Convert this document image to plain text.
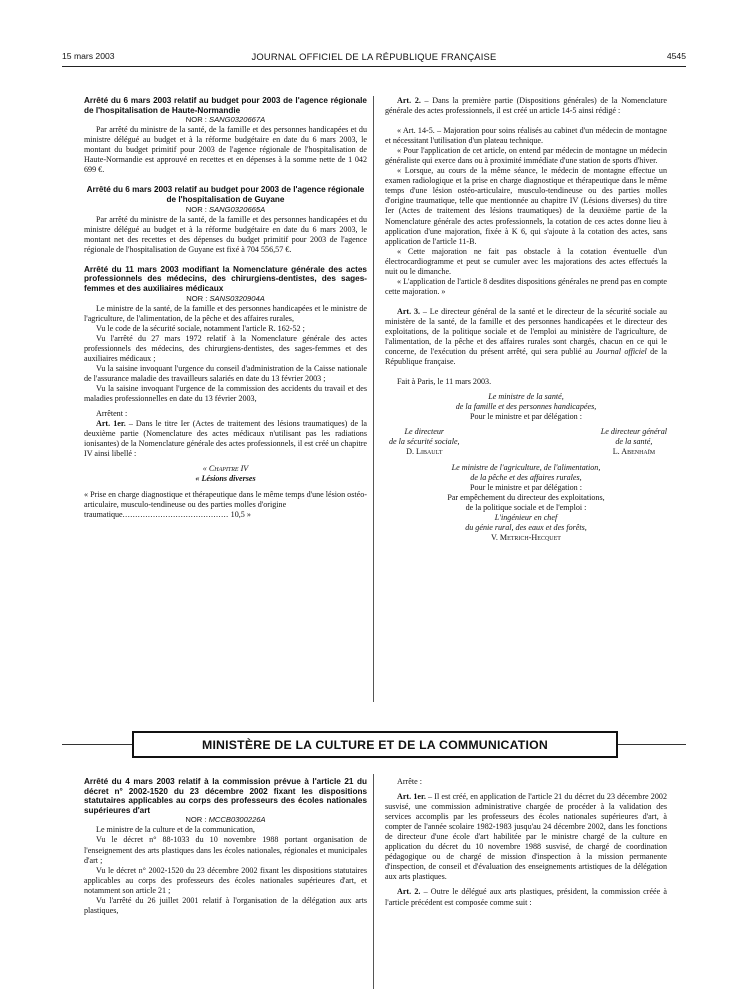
15 mars 2003	JOURNAL OFFICIEL DE LA RÉPUBLIQUE FRANÇAISE	4545

Arrêté du 6 mars 2003 relatif au budget pour 2003 de l'agence régionale de l'hospitalisation de Haute-Normandie

NOR : SANG0320667A

Par arrêté du ministre de la santé, de la famille et des personnes handicapées et du ministre délégué au budget et à la réforme budgétaire en date du 6 mars 2003, le montant du budget primitif pour 2003 de l'agence régionale de l'hospitalisation de Haute-Normandie est approuvé en recettes et en dépenses à la somme nette de 1 042 699 €.

Arrêté du 6 mars 2003 relatif au budget pour 2003 de l'agence régionale de l'hospitalisation de Guyane

NOR : SANG0320665A

Par arrêté du ministre de la santé, de la famille et des personnes handicapées et du ministre délégué au budget et à la réforme budgétaire en date du 6 mars 2003, le montant net des recettes et des dépenses du budget primitif pour 2003 de l'agence régionale de l'hospitalisation de Guyane est fixé à 704 556,57 €.

Arrêté du 11 mars 2003 modifiant la Nomenclature générale des actes professionnels des médecins, des chirurgiens-dentistes, des sages-femmes et des auxiliaires médicaux

NOR : SANS0320904A

Le ministre de la santé, de la famille et des personnes handicapées et le ministre de l'agriculture, de l'alimentation, de la pêche et des affaires rurales,

Vu le code de la sécurité sociale, notamment l'article R. 162-52 ;

Vu l'arrêté du 27 mars 1972 relatif à la Nomenclature générale des actes professionnels des médecins, des chirurgiens-dentistes, des sages-femmes et des auxiliaires médicaux ;

Vu la saisine invoquant l'urgence du conseil d'administration de la Caisse nationale de l'assurance maladie des travailleurs salariés en date du 13 février 2003 ;

Vu la saisine invoquant l'urgence de la commission des accidents du travail et des maladies professionnelles en date du 13 février 2003,

Arrêtent :

Art. 1er. – Dans le titre Ier (Actes de traitement des lésions traumatiques) de la deuxième partie (Nomenclature des actes médicaux n'utilisant pas les radiations ionisantes) de la Nomenclature générale des actes professionnels, il est créé un chapitre IV ainsi libellé :

« Chapitre IV

« Lésions diverses

« Prise en charge diagnostique et thérapeutique dans le même temps d'une lésion ostéo-articulaire, musculo-tendineuse ou des parties molles d'origine traumatique.......................................... 10,5 »

Art. 2. – Dans la première partie (Dispositions générales) de la Nomenclature générale des actes professionnels, il est créé un article 14-5 ainsi rédigé :

« Art. 14-5. – Majoration pour soins réalisés au cabinet d'un médecin de montagne et nécessitant l'utilisation d'un plateau technique.

« Pour l'application de cet article, on entend par médecin de montagne un médecin généraliste qui exerce dans ou à proximité immédiate d'une station de sports d'hiver.

« Lorsque, au cours de la même séance, le médecin de montagne effectue un examen radiologique et la prise en charge diagnostique et thérapeutique dans le même temps d'une lésion ostéo-articulaire, musculo-tendineuse ou des parties molles d'origine traumatique, telle que mentionnée au chapitre IV (Lésions diverses) du titre Ier (Actes de traitement des lésions traumatiques) de la deuxième partie de la Nomenclature générale des actes professionnels, la cotation de ces actes donne lieu à application d'une majoration, fixée à K 6, qui s'ajoute à la cotation des actes, sans application de l'article 11-B.

« Cette majoration ne fait pas obstacle à la cotation éventuelle d'un électrocardiogramme et peut se cumuler avec les majorations des actes effectués la nuit ou le dimanche.

« L'application de l'article 8 desdites dispositions générales ne prend pas en compte cette majoration. »

Art. 3. – Le directeur général de la santé et le directeur de la sécurité sociale au ministère de la santé, de la famille et des personnes handicapées et le directeur des exploitations, de la politique sociale et de l'emploi au ministère de l'agriculture, de l'alimentation, de la pêche et des affaires rurales sont chargés, chacun en ce qui le concerne, de l'exécution du présent arrêté, qui sera publié au Journal officiel de la République française.

Fait à Paris, le 11 mars 2003.

Le ministre de la santé,

de la famille et des personnes handicapées,

Pour le ministre et par délégation :

Le directeur

de la sécurité sociale,

D. Libault

Le directeur général

de la santé,

L. Abenhaïm

Le ministre de l'agriculture, de l'alimentation,

de la pêche et des affaires rurales,

Pour le ministre et par délégation :

Par empêchement du directeur des exploitations,

de la politique sociale et de l'emploi :

L'ingénieur en chef

du génie rural, des eaux et des forêts,

V. Metrich-Hecquet

MINISTÈRE DE LA CULTURE ET DE LA COMMUNICATION

Arrêté du 4 mars 2003 relatif à la commission prévue à l'article 21 du décret n° 2002-1520 du 23 décembre 2002 fixant les dispositions statutaires applicables au corps des professeurs des écoles nationales supérieures d'art

NOR : MCCB0300226A

Le ministre de la culture et de la communication,

Vu le décret n° 88-1033 du 10 novembre 1988 portant organisation de l'enseignement des arts plastiques dans les écoles nationales, régionales et municipales d'art ;

Vu le décret n° 2002-1520 du 23 décembre 2002 fixant les dispositions statutaires applicables au corps des professeurs des écoles nationales supérieures d'art, et notamment son article 21 ;

Vu l'arrêté du 26 juillet 2001 relatif à l'organisation de la délégation aux arts plastiques,

Arrête :

Art. 1er. – Il est créé, en application de l'article 21 du décret du 23 décembre 2002 susvisé, une commission administrative chargée de procéder à la validation des services accomplis par les professeurs des écoles nationales supérieures d'art, à compter de l'année scolaire 1982-1983 jusqu'au 24 décembre 2002, dans les fonctions de directeur d'une école d'art habilitée par le ministre chargé de la culture en application du décret du 10 novembre 1988 susvisé, de chargé de coordination pédagogique ou de chargé de mission d'inspection à la mission permanente d'inspection, de conseil et d'évaluation des enseignements artistiques de la délégation aux arts plastiques.

Art. 2. – Outre le délégué aux arts plastiques, président, la commission créée à l'article précédent est composée comme suit :
